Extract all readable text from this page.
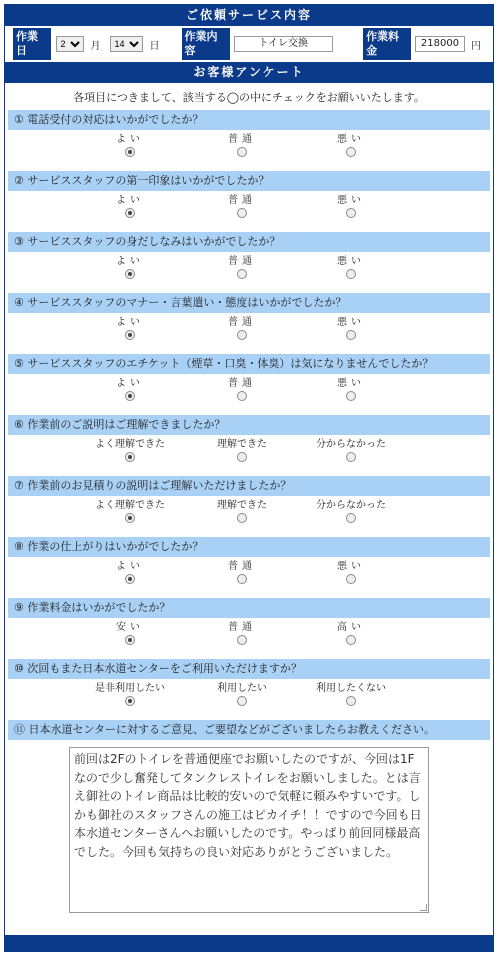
ご依頼サービス内容
作業日
2	月
14	日
作業内容
トイレ交換
作業料金
218000	円
お客様アンケート
各項目につきまして、該当する◯の中にチェックをお願いいたします。
① 電話受付の対応はいかがでしたか？
よい	普通	悪い
② サービススタッフの第一印象はいかがでしたか？
よい	普通	悪い
③ サービススタッフの身だしなみはいかがでしたか？
よい	普通	悪い
④ サービススタッフのマナー・言葉遣い・態度はいかがでしたか？
よい	普通	悪い
⑤ サービススタッフのエチケット（煙草・口臭・体臭）は気になりませんでしたか？
よい	普通	悪い
⑥ 作業前のご説明はご理解できましたか？
よく理解できた	理解できた	分からなかった
⑦ 作業前のお見積りの説明はご理解いただけましたか？
よく理解できた	理解できた	分からなかった
⑧ 作業の仕上がりはいかがでしたか？
よい	普通	悪い
⑨ 作業料金はいかがでしたか？
安い	普通	高い
⑩ 次回もまた日本水道センターをご利用いただけますか？
是非利用したい	利用したい	利用したくない
⑪ 日本水道センターに対するご意見、ご要望などがございましたらお教えください。
前回は2Fのトイレを普通便座でお願いしたのですが、今回は1Fなので少し奮発してタンクレストイレをお願いしました。とは言え御社のトイレ商品は比較的安いので気軽に頼みやすいです。しかも御社のスタッフさんの施工はピカイチ！！ですので今回も日本水道センターさんへお願いしたのです。やっぱり前回同様最高でした。今回も気持ちの良い対応ありがとうございました。
